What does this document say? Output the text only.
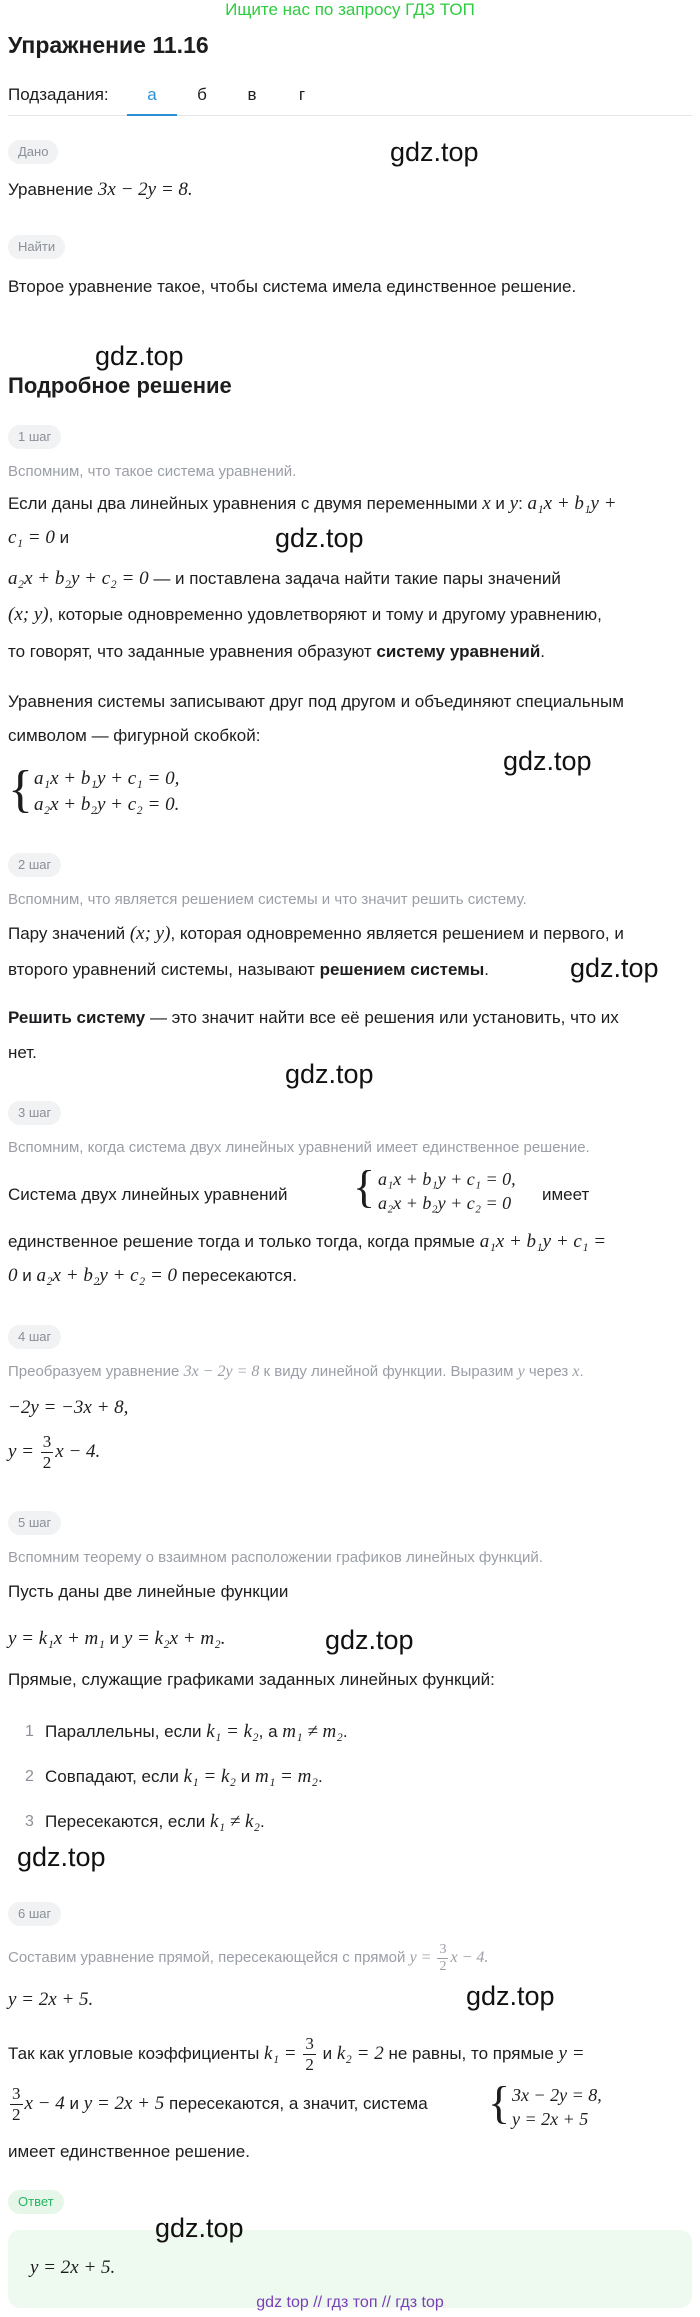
Ищите нас по запросу ГДЗ ТОП
Упражнение 11.16
Подзадания:	а	б	в	г
Дано	gdz.top
Уравнение 3x − 2y = 8.
Найти
Второе уравнение такое, чтобы система имела единственное решение.
gdz.top
Подробное решение
1 шаг
Вспомним, что такое система уравнений.
Если даны два линейных уравнения с двумя переменными x и y: a₁x + b₁y +
c₁ = 0 и	gdz.top
a₂x + b₂y + c₂ = 0 — и поставлена задача найти такие пары значений
(x; y), которые одновременно удовлетворяют и тому и другому уравнению,
то говорят, что заданные уравнения образуют систему уравнений.
Уравнения системы записывают друг под другом и объединяют специальным
символом — фигурной скобкой:
gdz.top
{ a₁x + b₁y + c₁ = 0,
a₂x + b₂y + c₂ = 0.
2 шаг
Вспомним, что является решением системы и что значит решить систему.
Пару значений (x; y), которая одновременно является решением и первого, и
второго уравнений системы, называют решением системы.	gdz.top
Решить систему — это значит найти все её решения или установить, что их
нет.
gdz.top
3 шаг
Вспомним, когда система двух линейных уравнений имеет единственное решение.
Система двух линейных уравнений { a₁x + b₁y + c₁ = 0,
a₂x + b₂y + c₂ = 0 имеет
единственное решение тогда и только тогда, когда прямые a₁x + b₁y + c₁ =
0 и a₂x + b₂y + c₂ = 0 пересекаются.
4 шаг
Преобразуем уравнение 3x − 2y = 8 к виду линейной функции. Выразим y через x.
−2y = −3x + 8,
$y = \frac{3}{2}$ x − 4.
5 шаг
Вспомним теорему о взаимном расположении графиков линейных функций.
Пусть даны две линейные функции
y = k₁x + m₁ и y = k₂x + m₂.	gdz.top
Прямые, служащие графиками заданных линейных функций:
1 Параллельны, если k₁ = k₂, а m₁ ≠ m₂.
2 Совпадают, если k₁ = k₂ и m₁ = m₂.
3 Пересекаются, если k₁ ≠ k₂.
gdz.top
6 шаг
Составим уравнение прямой, пересекающейся с прямой $y = \frac{3}{2}$ x − 4.
y = 2x + 5.	gdz.top
Так как угловые коэффициенты $k_1 = \frac{3}{2}$ и k₂ = 2 не равны, то прямые y =
$\frac{3}{2}$ x − 4 и y = 2x + 5 пересекаются, а значит, система { 3x − 2y = 8,
y = 2x + 5
имеет единственное решение.
Ответ
gdz.top
y = 2x + 5.
gdz top // гдз топ // гдз top
